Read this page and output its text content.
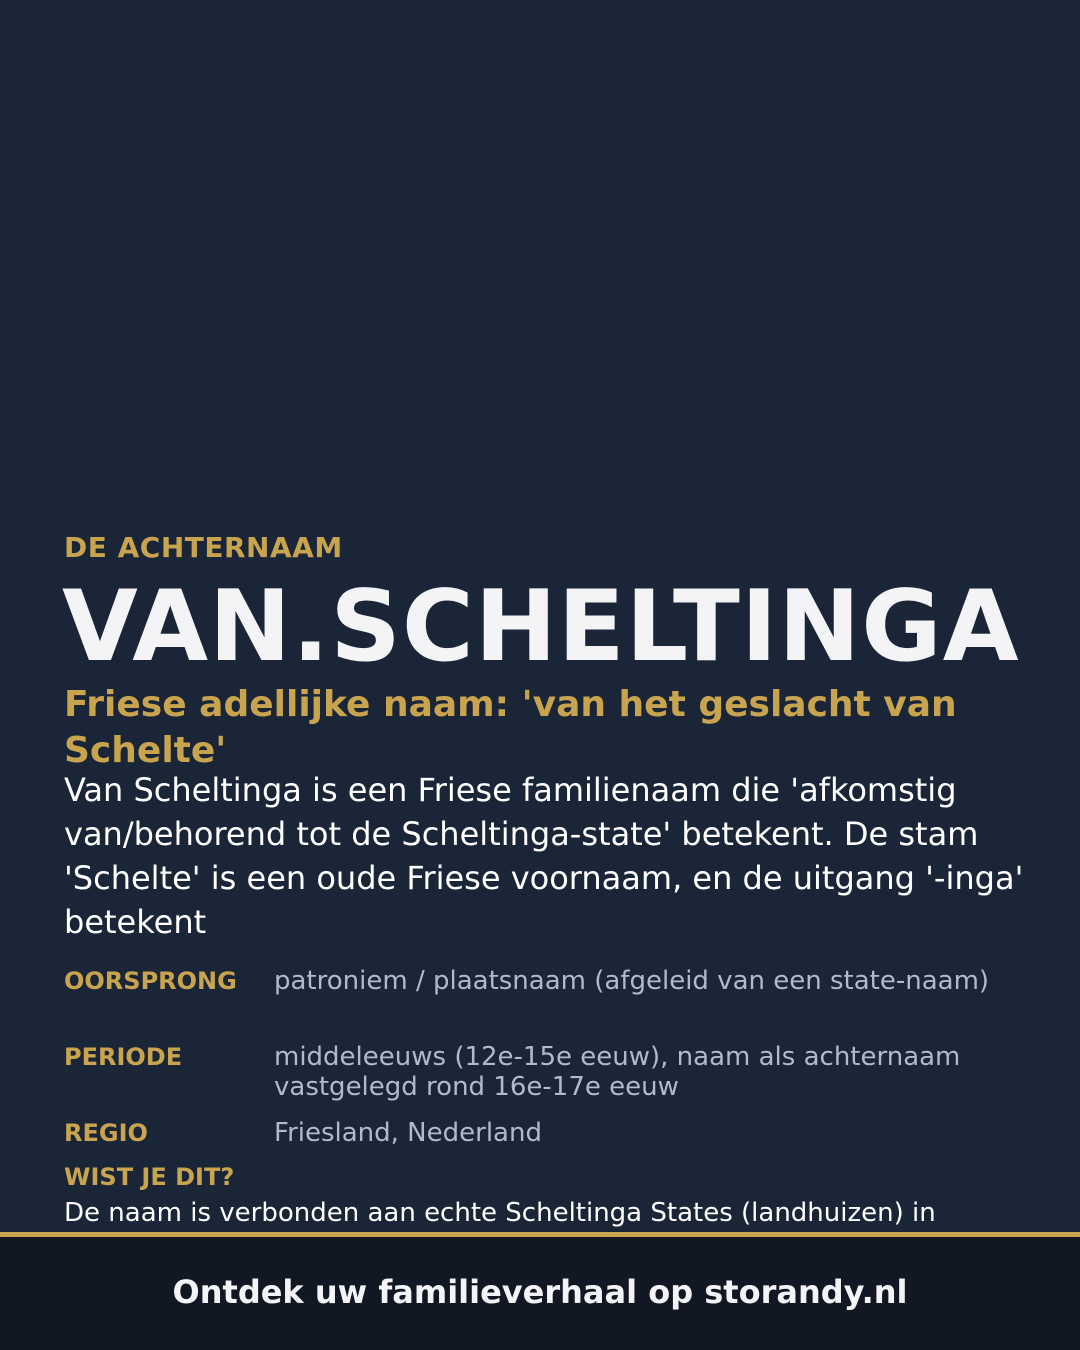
DE ACHTERNAAM
VAN.SCHELTINGA
Friese adellijke naam: 'van het geslacht van Schelte'
Van Scheltinga is een Friese familienaam die 'afkomstig van/behorend tot de Scheltinga-state' betekent. De stam 'Schelte' is een oude Friese voornaam, en de uitgang '-inga' betekent
OORSPRONG patroniem / plaatsnaam (afgeleid van een state-naam)
PERIODE	middeleeuws (12e-15e eeuw), naam als achternaam vastgelegd rond 16e-17e eeuw
REGIO	Friesland, Nederland
WIST JE DIT?
De naam is verbonden aan echte Scheltinga States (landhuizen) in
Ontdek uw familieverhaal op storandy.nl
